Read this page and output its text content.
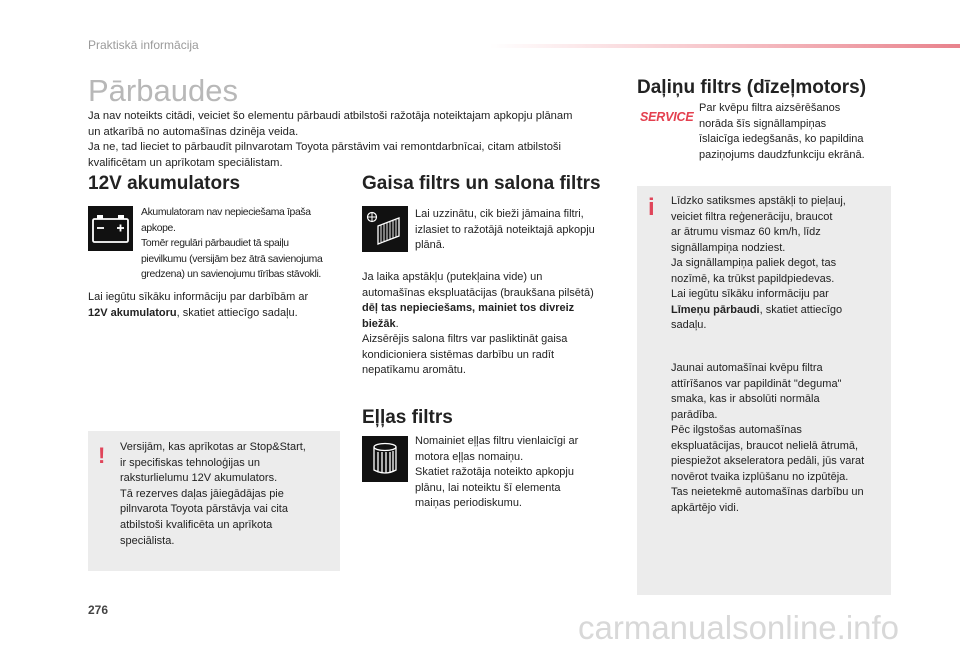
Praktiskā informācija
Pārbaudes
Ja nav noteikts citādi, veiciet šo elementu pārbaudi atbilstoši ražotāja noteiktajam apkopju plānam
un atkarībā no automašīnas dzinēja veida.
Ja ne, tad lieciet to pārbaudīt pilnvarotam Toyota pārstāvim vai remontdarbnīcai, citam atbilstoši
kvalificētam un aprīkotam speciālistam.
12V akumulators
Akumulatoram nav nepieciešama īpaša
apkope.
Tomēr regulāri pārbaudiet tā spaiļu
pievilkumu (versijām bez ātrā savienojuma
gredzena) un savienojumu tīrības stāvokli.
Lai iegūtu sīkāku informāciju par darbībām ar
12V akumulatoru, skatiet attiecīgo sadaļu.
! Versijām, kas aprīkotas ar Stop&Start,
ir specifiskas tehnoloģijas un
raksturlielumu 12V akumulators.
Tā rezerves daļas jāiegādājas pie
pilnvarota Toyota pārstāvja vai cita
atbilstoši kvalificēta un aprīkota
speciālista.
Gaisa filtrs un salona filtrs
Lai uzzinātu, cik bieži jāmaina filtri,
izlasiet to ražotājā noteiktajā apkopju
plānā.
Ja laika apstākļu (putekļaina vide) un
automašīnas ekspluatācijas (braukšana pilsētā)
dēļ tas nepieciešams, mainiet tos divreiz
biežāk.
Aizsērējis salona filtrs var pasliktināt gaisa
kondicioniera sistēmas darbību un radīt
nepatīkamu aromātu.
Eļļas filtrs
Nomainiet eļļas filtru vienlaicīgi ar
motora eļļas nomaiņu.
Skatiet ražotāja noteikto apkopju
plānu, lai noteiktu šī elementa
maiņas periodiskumu.
Daļiņu filtrs (dīzeļmotors)
SERVICE
Par kvēpu filtra aizsērēšanos
norāda šīs signāllampiņas
īslaicīga iedegšanās, ko papildina
paziņojums daudzfunkciju ekrānā.
i Līdzko satiksmes apstākļi to pieļauj,
veiciet filtra reģenerāciju, braucot
ar ātrumu vismaz 60 km/h, līdz
signāllampiņa nodziest.
Ja signāllampiņa paliek degot, tas
nozīmē, ka trūkst papildpiedevas.
Lai iegūtu sīkāku informāciju par
Līmeņu pārbaudi, skatiet attiecīgo
sadaļu.
Jaunai automašīnai kvēpu filtra
attīrīšanos var papildināt "deguma"
smaka, kas ir absolūti normāla
parādība.
Pēc ilgstošas automašīnas
ekspluatācijas, braucot nelielā ātrumā,
piespiežot akseleratora pedāli, jūs varat
novērot tvaika izplūšanu no izpūtēja.
Tas neietekmē automašīnas darbību un
apkārtējo vidi.
276	carmanualsonline.info
